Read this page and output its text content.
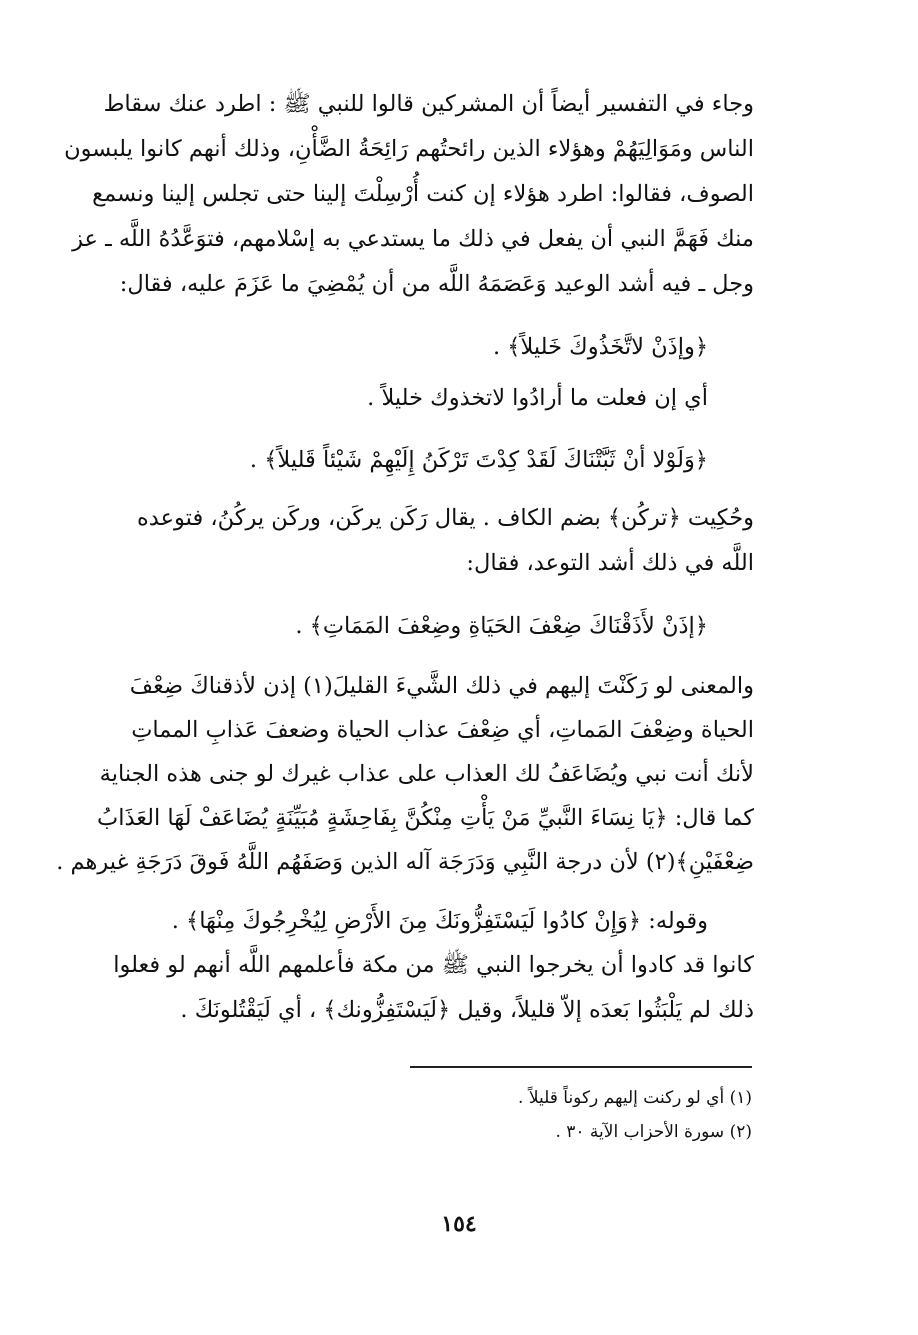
وجاء في التفسير أيضاً أن المشركين قالوا للنبي ﷺ : اطرد عنك سقاط
الناس ومَوَالِيَهُمْ وهؤلاء الذين رائحتُهم رَائِحَةُ الضَّأْنِ، وذلك أنهم كانوا يلبسون
الصوف، فقالوا: اطرد هؤلاء إن كنت أُرْسِلْتَ إلينا حتى تجلس إلينا ونسمع
منك فَهَمَّ النبي أن يفعل في ذلك ما يستدعي به إسْلامهم، فتوَعَّدُهُ اللَّه ـ عز
وجل ـ فيه أشد الوعيد وَعَصَمَهُ اللَّه من أن يُمْضِيَ ما عَزَمَ عليه، فقال:
﴿وإذَنْ لاتَّخَذُوكَ خَليلاً﴾ .
أي إن فعلت ما أرادُوا لاتخذوك خليلاً .
﴿وَلَوْلا أنْ ثَبَّتْنَاكَ لَقَدْ كِدْتَ تَرْكَنُ إِلَيْهِمْ شَيْئاً قَليلاً﴾ .
وحُكِيت ﴿تركُن﴾ بضم الكاف . يقال رَكَن يركَن، وركَن يركُنُ، فتوعده
اللَّه في ذلك أشد التوعد، فقال:
﴿إذَنْ لأَذَقْنَاكَ ضِعْفَ الحَيَاةِ وضِعْفَ المَمَاتِ﴾ .
والمعنى لو رَكَنْتَ إليهم في ذلك الشَّيءَ القليلَ(١) إذن لأذقناكَ ضِعْفَ
الحياة وضِعْفَ المَماتِ، أي ضِعْفَ عذاب الحياة وضعفَ عَذابِ المماتِ
لأنك أنت نبي ويُضَاعَفُ لك العذاب على عذاب غيرك لو جنى هذه الجناية
كما قال: ﴿يَا نِسَاءَ النَّبيِّ مَنْ يَأْتِ مِنْكُنَّ بِفَاحِشَةٍ مُبَيِّنَةٍ يُضَاعَفْ لَهَا العَذَابُ
ضِعْفَيْنِ﴾(٢) لأن درجة النَّبِي وَدَرَجَة آله الذين وَصَفَهُم اللَّهُ فَوقَ دَرَجَةِ غيرهم .
وقوله: ﴿وَإِنْ كادُوا لَيَسْتَفِزُّونَكَ مِنَ الأَرْضِ لِيُخْرِجُوكَ مِنْهَا﴾ .
كانوا قد كادوا أن يخرجوا النبي ﷺ من مكة فأعلمهم اللَّه أنهم لو فعلوا
ذلك لم يَلْبَثُوا بَعدَه إلاّ قليلاً، وقيل ﴿لَيَسْتَفِزُّونك﴾ ، أي لَيَقْتُلونَكَ .
(١) أي لو ركنت إليهم ركوناً قليلاً .
(٢) سورة الأحزاب الآية ٣٠ .
١٥٤
